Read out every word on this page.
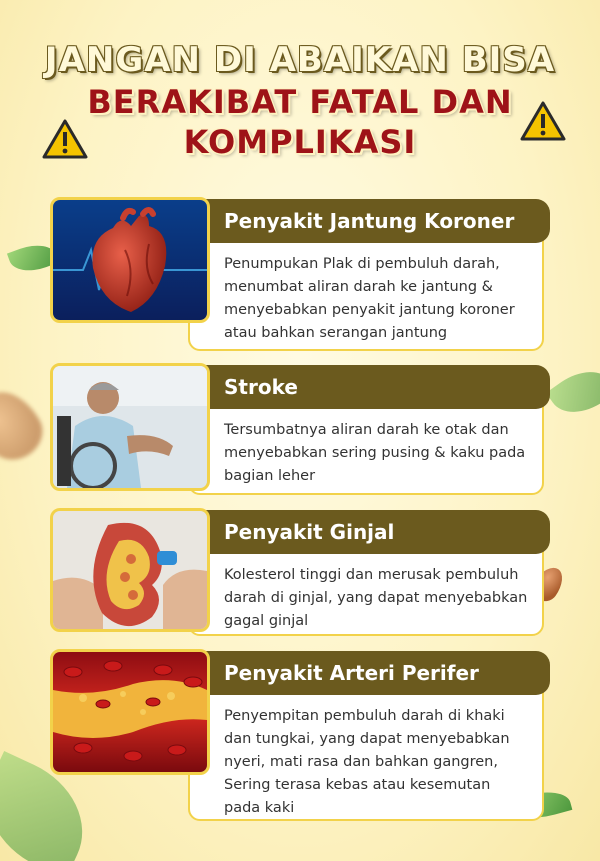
JANGAN DI ABAIKAN BISA
BERAKIBAT FATAL DAN
KOMPLIKASI
Penyakit Jantung Koroner

Penumpukan Plak di pembuluh darah, menumbat aliran darah ke jantung & menyebabkan penyakit jantung koroner atau bahkan serangan jantung

Stroke

Tersumbatnya aliran darah ke otak dan menyebabkan sering pusing & kaku pada bagian leher

Penyakit Ginjal

Kolesterol tinggi dan merusak pembuluh darah di ginjal, yang dapat menyebabkan gagal ginjal

Penyakit Arteri Perifer

Penyempitan pembuluh darah di khaki dan tungkai, yang dapat menyebabkan nyeri, mati rasa dan bahkan gangren, Sering terasa kebas atau kesemutan pada kaki
